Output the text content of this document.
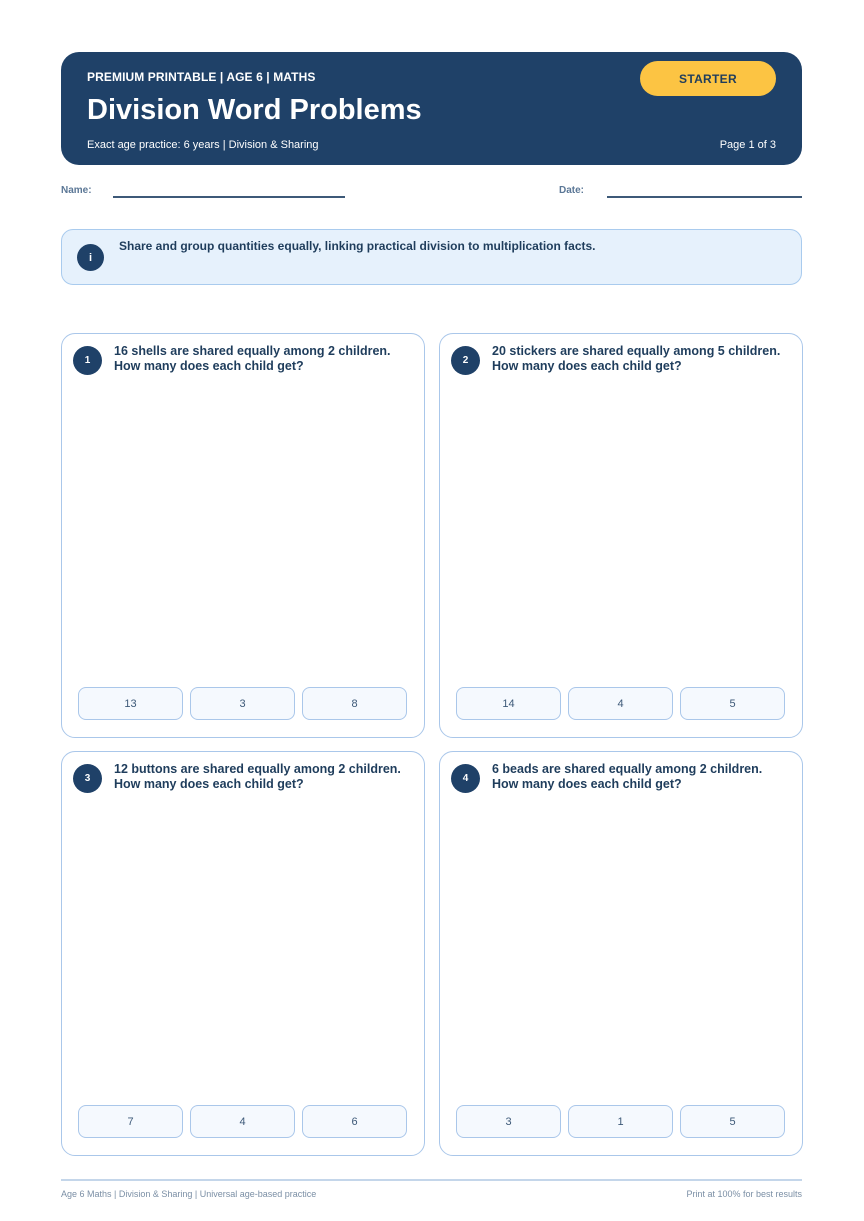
PREMIUM PRINTABLE | AGE 6 | MATHS
Division Word Problems
Exact age practice: 6 years | Division & Sharing
STARTER
Page 1 of 3
Name:	Date:
i
Share and group quantities equally, linking practical division to multiplication facts.
1
16 shells are shared equally among 2 children.
How many does each child get?
13	3	8
2
20 stickers are shared equally among 5 children.
How many does each child get?
14	4	5
3
12 buttons are shared equally among 2 children.
How many does each child get?
7	4	6
4
6 beads are shared equally among 2 children.
How many does each child get?
3	1	5
Age 6 Maths | Division & Sharing | Universal age-based practice	Print at 100% for best results
